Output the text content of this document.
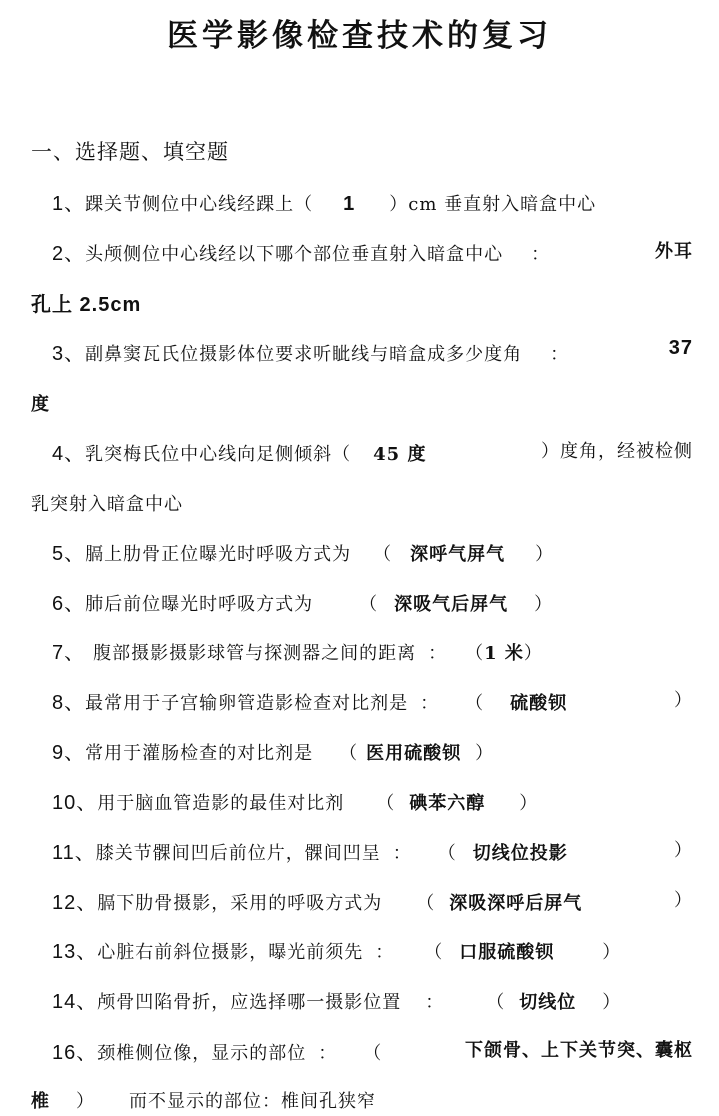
医学影像检查技术的复习
一、选择题、填空题
1、踝关节侧位中心线经踝上（ 1 ）cm 垂直射入暗盒中心
2、头颅侧位中心线经以下哪个部位垂直射入暗盒中心 ：	外耳
孔上 2.5cm
3、副鼻窦瓦氏位摄影体位要求听眦线与暗盒成多少度角 ：	37
度
4、乳突梅氏位中心线向足侧倾斜（ 45 度	）度角，经被检侧
乳突射入暗盒中心
5、膈上肋骨正位曝光时呼吸方式为 （ 深呼气屏气 ）
6、肺后前位曝光时呼吸方式为	（ 深吸气后屏气 ）
7、 腹部摄影摄影球管与探测器之间的距离 ： （1 米）
8、最常用于子宫输卵管造影检查对比剂是 ： （ 硫酸钡	）
9、常用于灌肠检查的对比剂是 （ 医用硫酸钡 ）
10、用于脑血管造影的最佳对比剂 （ 碘苯六醇 ）
11、膝关节髁间凹后前位片，髁间凹呈 ： （ 切线位投影	）
12、膈下肋骨摄影，采用的呼吸方式为 （ 深吸深呼后屏气	）
13、心脏右前斜位摄影，曝光前须先 ： （ 口服硫酸钡	）
14、颅骨凹陷骨折，应选择哪一摄影位置 ： （ 切线位 ）
16、颈椎侧位像，显示的部位 ： （	下颌骨、上下关节突、囊枢
椎 ） 而不显示的部位：椎间孔狭窄
